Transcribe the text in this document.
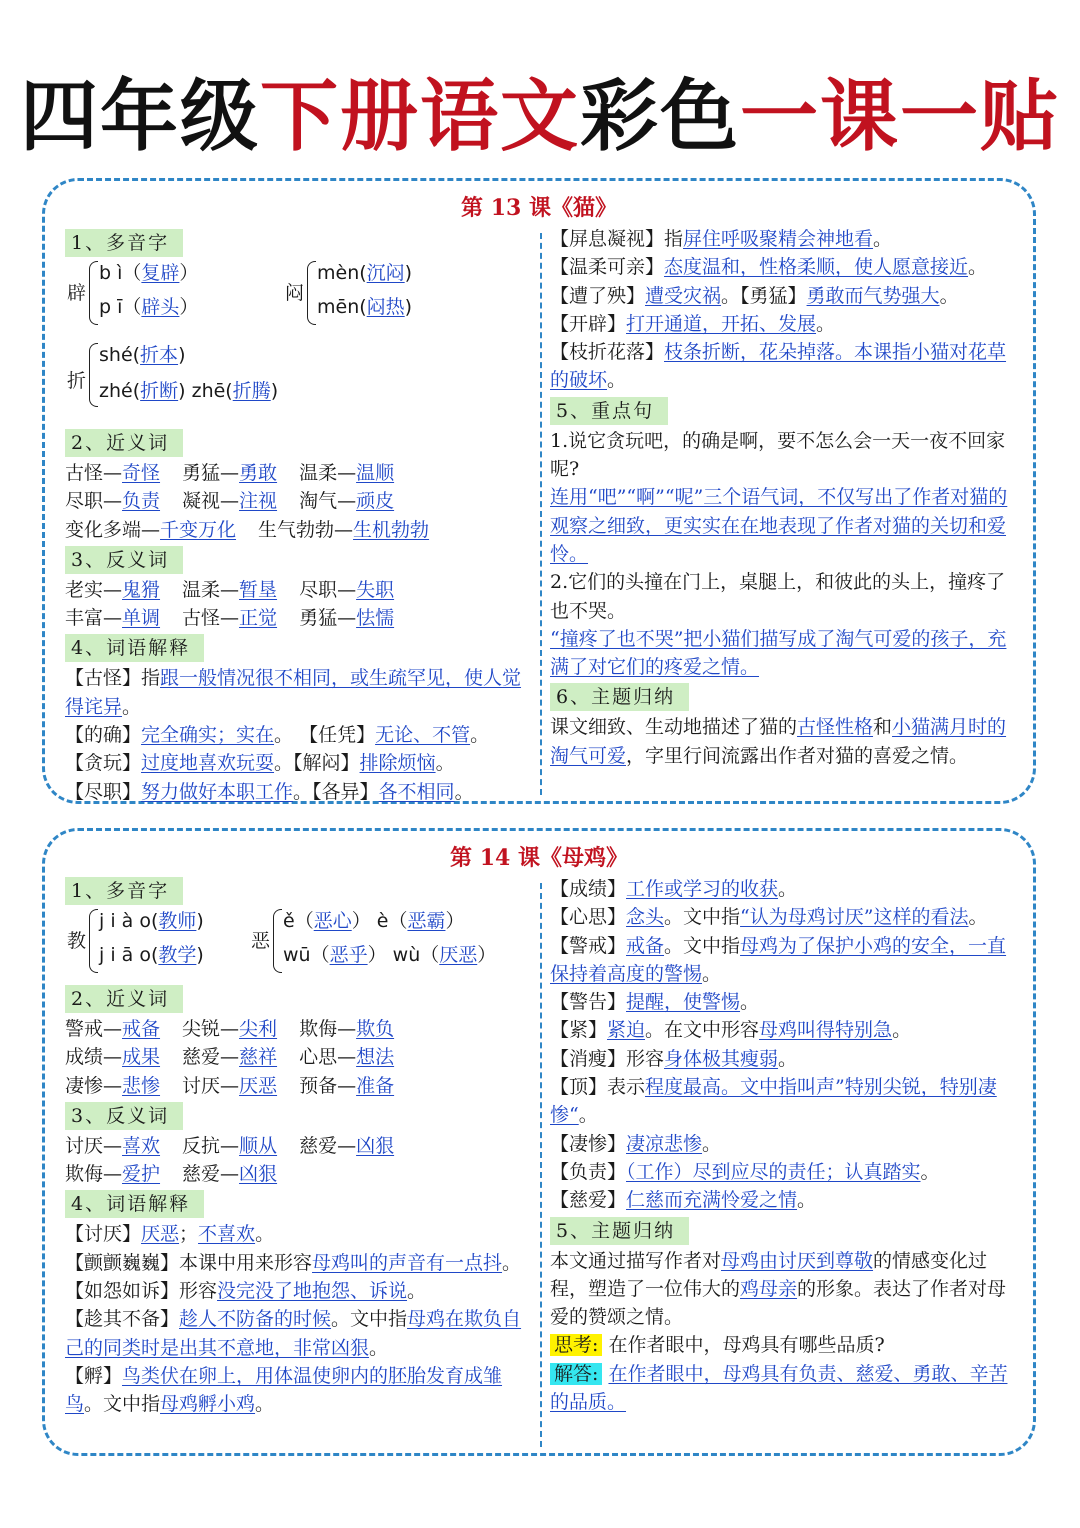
四年级下册语文彩色一课一贴
第 13 课《猫》
1、多音字
辟
b ì（复辟）
p ī（辟头）
闷
mèn(沉闷)
mēn(闷热)
折
shé(折本)
zhé(折断) zhē(折腾)
2、近义词
古怪—奇怪 勇猛—勇敢 温柔—温顺
尽职—负责 凝视—注视 淘气—顽皮
变化多端—千变万化 生气勃勃—生机勃勃
3、反义词
老实—鬼猾 温柔—暂垦 尽职—失职
丰富—单调 古怪—正觉 勇猛—怯懦
4、词语解释
【古怪】指跟一般情况很不相同，或生疏罕见，使人觉得诧异。
【的确】完全确实；实在。 【任凭】无论、不管。
【贪玩】过度地喜欢玩耍。【解闷】排除烦恼。
【尽职】努力做好本职工作。【各异】各不相同。
【屏息凝视】指屏住呼吸聚精会神地看。
【温柔可亲】态度温和，性格柔顺，使人愿意接近。
【遭了殃】遭受灾祸。【勇猛】勇敢而气势强大。
【开辟】打开通道，开拓、发展。
【枝折花落】枝条折断，花朵掉落。本课指小猫对花草的破坏。
5、重点句
1.说它贪玩吧，的确是啊，要不怎么会一天一夜不回家呢?
连用“吧”“啊”“呢”三个语气词，不仅写出了作者对猫的观察之细致，更实实在在地表现了作者对猫的关切和爱怜。
2.它们的头撞在门上，桌腿上，和彼此的头上，撞疼了也不哭。
“撞疼了也不哭”把小猫们描写成了淘气可爱的孩子，充满了对它们的疼爱之情。
6、主题归纳
课文细致、生动地描述了猫的古怪性格和小猫满月时的淘气可爱，字里行间流露出作者对猫的喜爱之情。
第 14 课《母鸡》
1、多音字
教
j i à o(教师)
j i ā o(教学)
恶
ě（恶心） è（恶霸）
wū（恶乎） wù（厌恶）
2、近义词
警戒—戒备 尖锐—尖利 欺侮—欺负
成绩—成果 慈爱—慈祥 心思—想法
凄惨—悲惨 讨厌—厌恶 预备—准备
3、反义词
讨厌—喜欢 反抗—顺从 慈爱—凶狠
欺侮—爱护 慈爱—凶狠
4、词语解释
【讨厌】厌恶；不喜欢。
【颤颤巍巍】本课中用来形容母鸡叫的声音有一点抖。
【如怨如诉】形容没完没了地抱怨、诉说。
【趁其不备】趁人不防备的时候。文中指母鸡在欺负自己的同类时是出其不意地，非常凶狠。
【孵】鸟类伏在卵上，用体温使卵内的胚胎发育成雏鸟。文中指母鸡孵小鸡。
【成绩】工作或学习的收获。
【心思】念头。文中指“认为母鸡讨厌”这样的看法。
【警戒】戒备。文中指母鸡为了保护小鸡的安全，一直保持着高度的警惕。
【警告】提醒，使警惕。
【紧】紧迫。在文中形容母鸡叫得特别急。
【消瘦】形容身体极其瘦弱。
【顶】表示程度最高。文中指叫声”特别尖锐，特别凄惨“。
【凄惨】凄凉悲惨。
【负责】（工作）尽到应尽的责任；认真踏实。
【慈爱】仁慈而充满怜爱之情。
5、主题归纳
本文通过描写作者对母鸡由讨厌到尊敬的情感变化过程，塑造了一位伟大的鸡母亲的形象。表达了作者对母爱的赞颂之情。
思考: 在作者眼中，母鸡具有哪些品质?
解答: 在作者眼中，母鸡具有负责、慈爱、勇敢、辛苦的品质。
